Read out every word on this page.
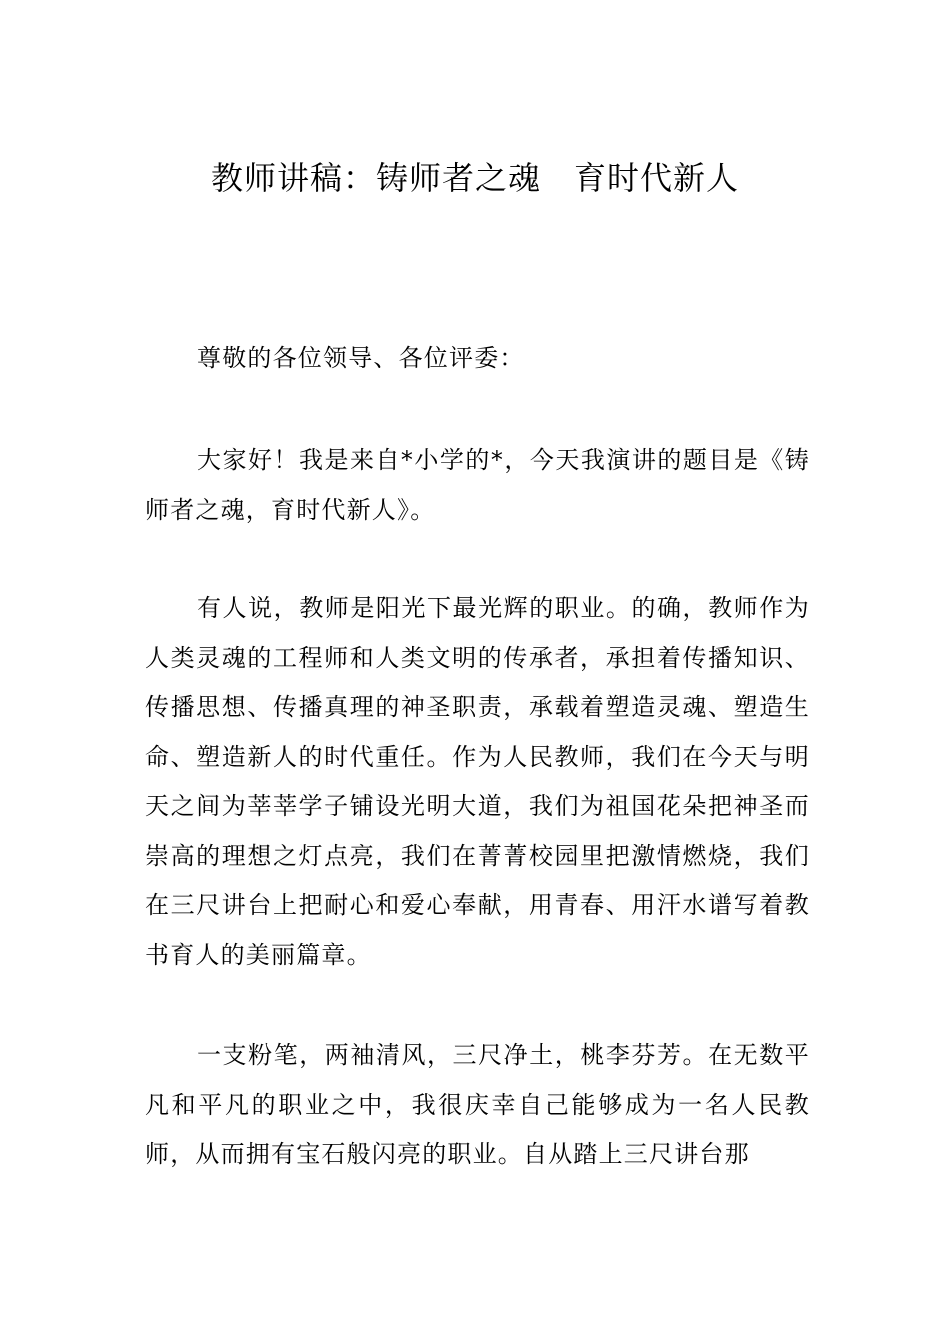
教师讲稿：铸师者之魂　育时代新人

尊敬的各位领导、各位评委：

大家好！我是来自*小学的*，今天我演讲的题目是《铸师者之魂，育时代新人》。

有人说，教师是阳光下最光辉的职业。的确，教师作为人类灵魂的工程师和人类文明的传承者，承担着传播知识、传播思想、传播真理的神圣职责，承载着塑造灵魂、塑造生命、塑造新人的时代重任。作为人民教师，我们在今天与明天之间为莘莘学子铺设光明大道，我们为祖国花朵把神圣而崇高的理想之灯点亮，我们在菁菁校园里把激情燃烧，我们在三尺讲台上把耐心和爱心奉献，用青春、用汗水谱写着教书育人的美丽篇章。

一支粉笔，两袖清风，三尺净土，桃李芬芳。在无数平凡和平凡的职业之中，我很庆幸自己能够成为一名人民教师，从而拥有宝石般闪亮的职业。自从踏上三尺讲台那
